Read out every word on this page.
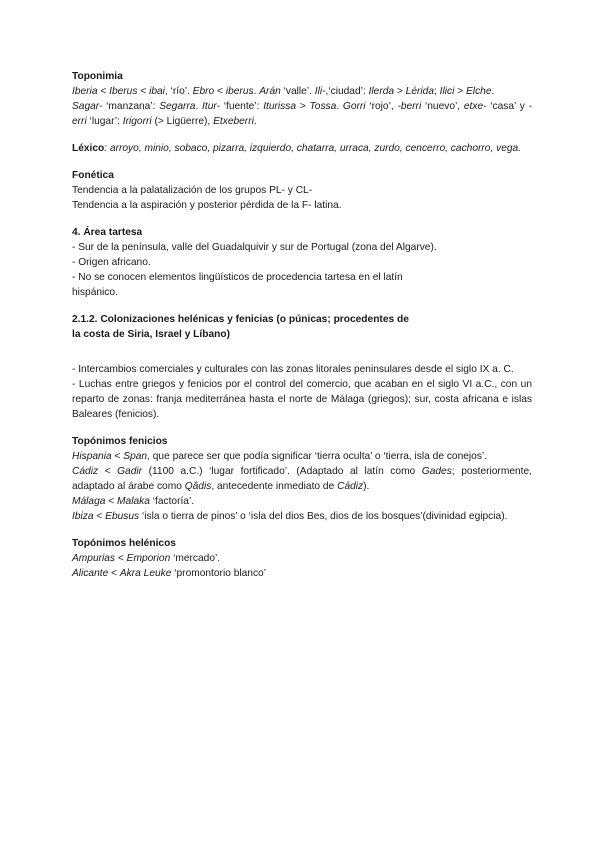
Toponimia

Iberia < Iberus < ibai, ‘río’. Ebro < iberus. Arán ‘valle’. Ili-,‘ciudad’: Ilerda > Lérida; Ilici > Elche.

Sagar- ‘manzana’: Segarra. Itur- ‘fuente’: Iturissa > Tossa. Gorri ‘rojo’, -berri ‘nuevo’, etxe- ‘casa’ y -erri ‘lugar’: Irigorri (> Ligüerre), Etxeberri.

Léxico: arroyo, minio, sobaco, pizarra, izquierdo, chatarra, urraca, zurdo, cencerro, cachorro, vega.

Fonética

Tendencia a la palatalización de los grupos PL- y CL-

Tendencia a la aspiración y posterior pérdida de la F- latina.

4. Área tartesa

- Sur de la península, valle del Guadalquivir y sur de Portugal (zona del Algarve).

- Origen africano.

- No se conocen elementos lingüísticos de procedencia tartesa en el latín

hispánico.

2.1.2. Colonizaciones helénicas y fenicias (o púnicas; procedentes de

la costa de Siria, Israel y Líbano)

- Intercambios comerciales y culturales con las zonas litorales peninsulares desde el siglo IX a. C.

- Luchas entre griegos y fenicios por el control del comercio, que acaban en el siglo VI a.C., con un reparto de zonas: franja mediterránea hasta el norte de Málaga (griegos); sur, costa africana e islas Baleares (fenicios).

Topónimos fenicios

Hispania < Span, que parece ser que podía significar ‘tierra oculta’ o ‘tierra, isla de conejos’.

Cádiz < Gadir (1100 a.C.) ‘lugar fortificado’. (Adaptado al latín como Gades; posteriormente, adaptado al árabe como Qâdis, antecedente inmediato de Cádiz).

Málaga < Malaka ‘factoría’.

Ibiza < Ebusus ‘isla o tierra de pinos’ o ‘isla del dios Bes, dios de los bosques’(divinidad egipcia).

Topónimos helénicos

Ampurias < Emporion ‘mercado’.

Alicante < Akra Leuke ‘promontorio blanco’
